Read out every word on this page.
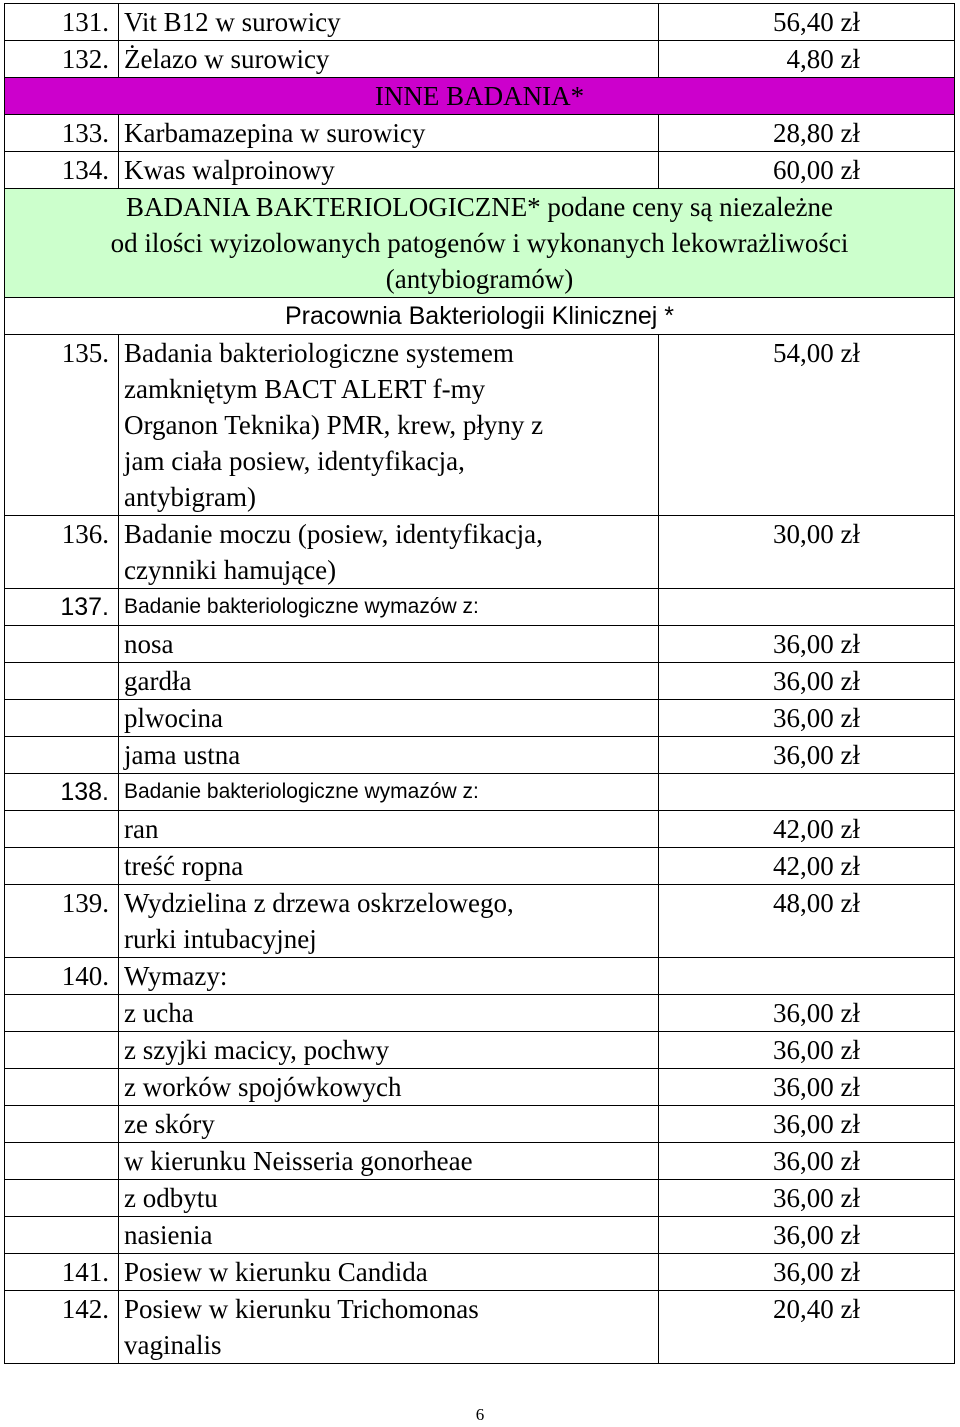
131.	Vit B12 w surowicy	56,40 zł
132.	Żelazo w surowicy	4,80 zł
INNE BADANIA*		
133.	Karbamazepina w surowicy	28,80 zł
134.	Kwas walproinowy	60,00 zł

BADANIA BAKTERIOLOGICZNE* podane ceny są niezależne
od ilości wyizolowanych patogenów i wykonanych lekowrażliwości
(antybiogramów)		

Pracownia Bakteriologii Klinicznej *		
135.	Badania bakteriologiczne systemem
zamkniętym BACT ALERT f-my
Organon Teknika) PMR, krew, płyny z
jam ciała posiew, identyfikacja,
antybigram)	54,00 zł
136.	Badanie moczu (posiew, identyfikacja,
czynniki hamujące)	30,00 zł
137.	Badanie bakteriologiczne wymazów z:	
	nosa	36,00 zł
	gardła	36,00 zł
	plwocina	36,00 zł
	jama ustna	36,00 zł
138.	Badanie bakteriologiczne wymazów z:	
	ran	42,00 zł
	treść ropna	42,00 zł
139.	Wydzielina z drzewa oskrzelowego,
rurki intubacyjnej	48,00 zł
140.	Wymazy:	
	z ucha	36,00 zł
	z szyjki macicy, pochwy	36,00 zł
	z worków spojówkowych	36,00 zł
	ze skóry	36,00 zł
	w kierunku Neisseria gonorheae	36,00 zł
	z odbytu	36,00 zł
	nasienia	36,00 zł
141.	Posiew w kierunku Candida	36,00 zł
142.	Posiew w kierunku Trichomonas
vaginalis	20,40 zł
6
